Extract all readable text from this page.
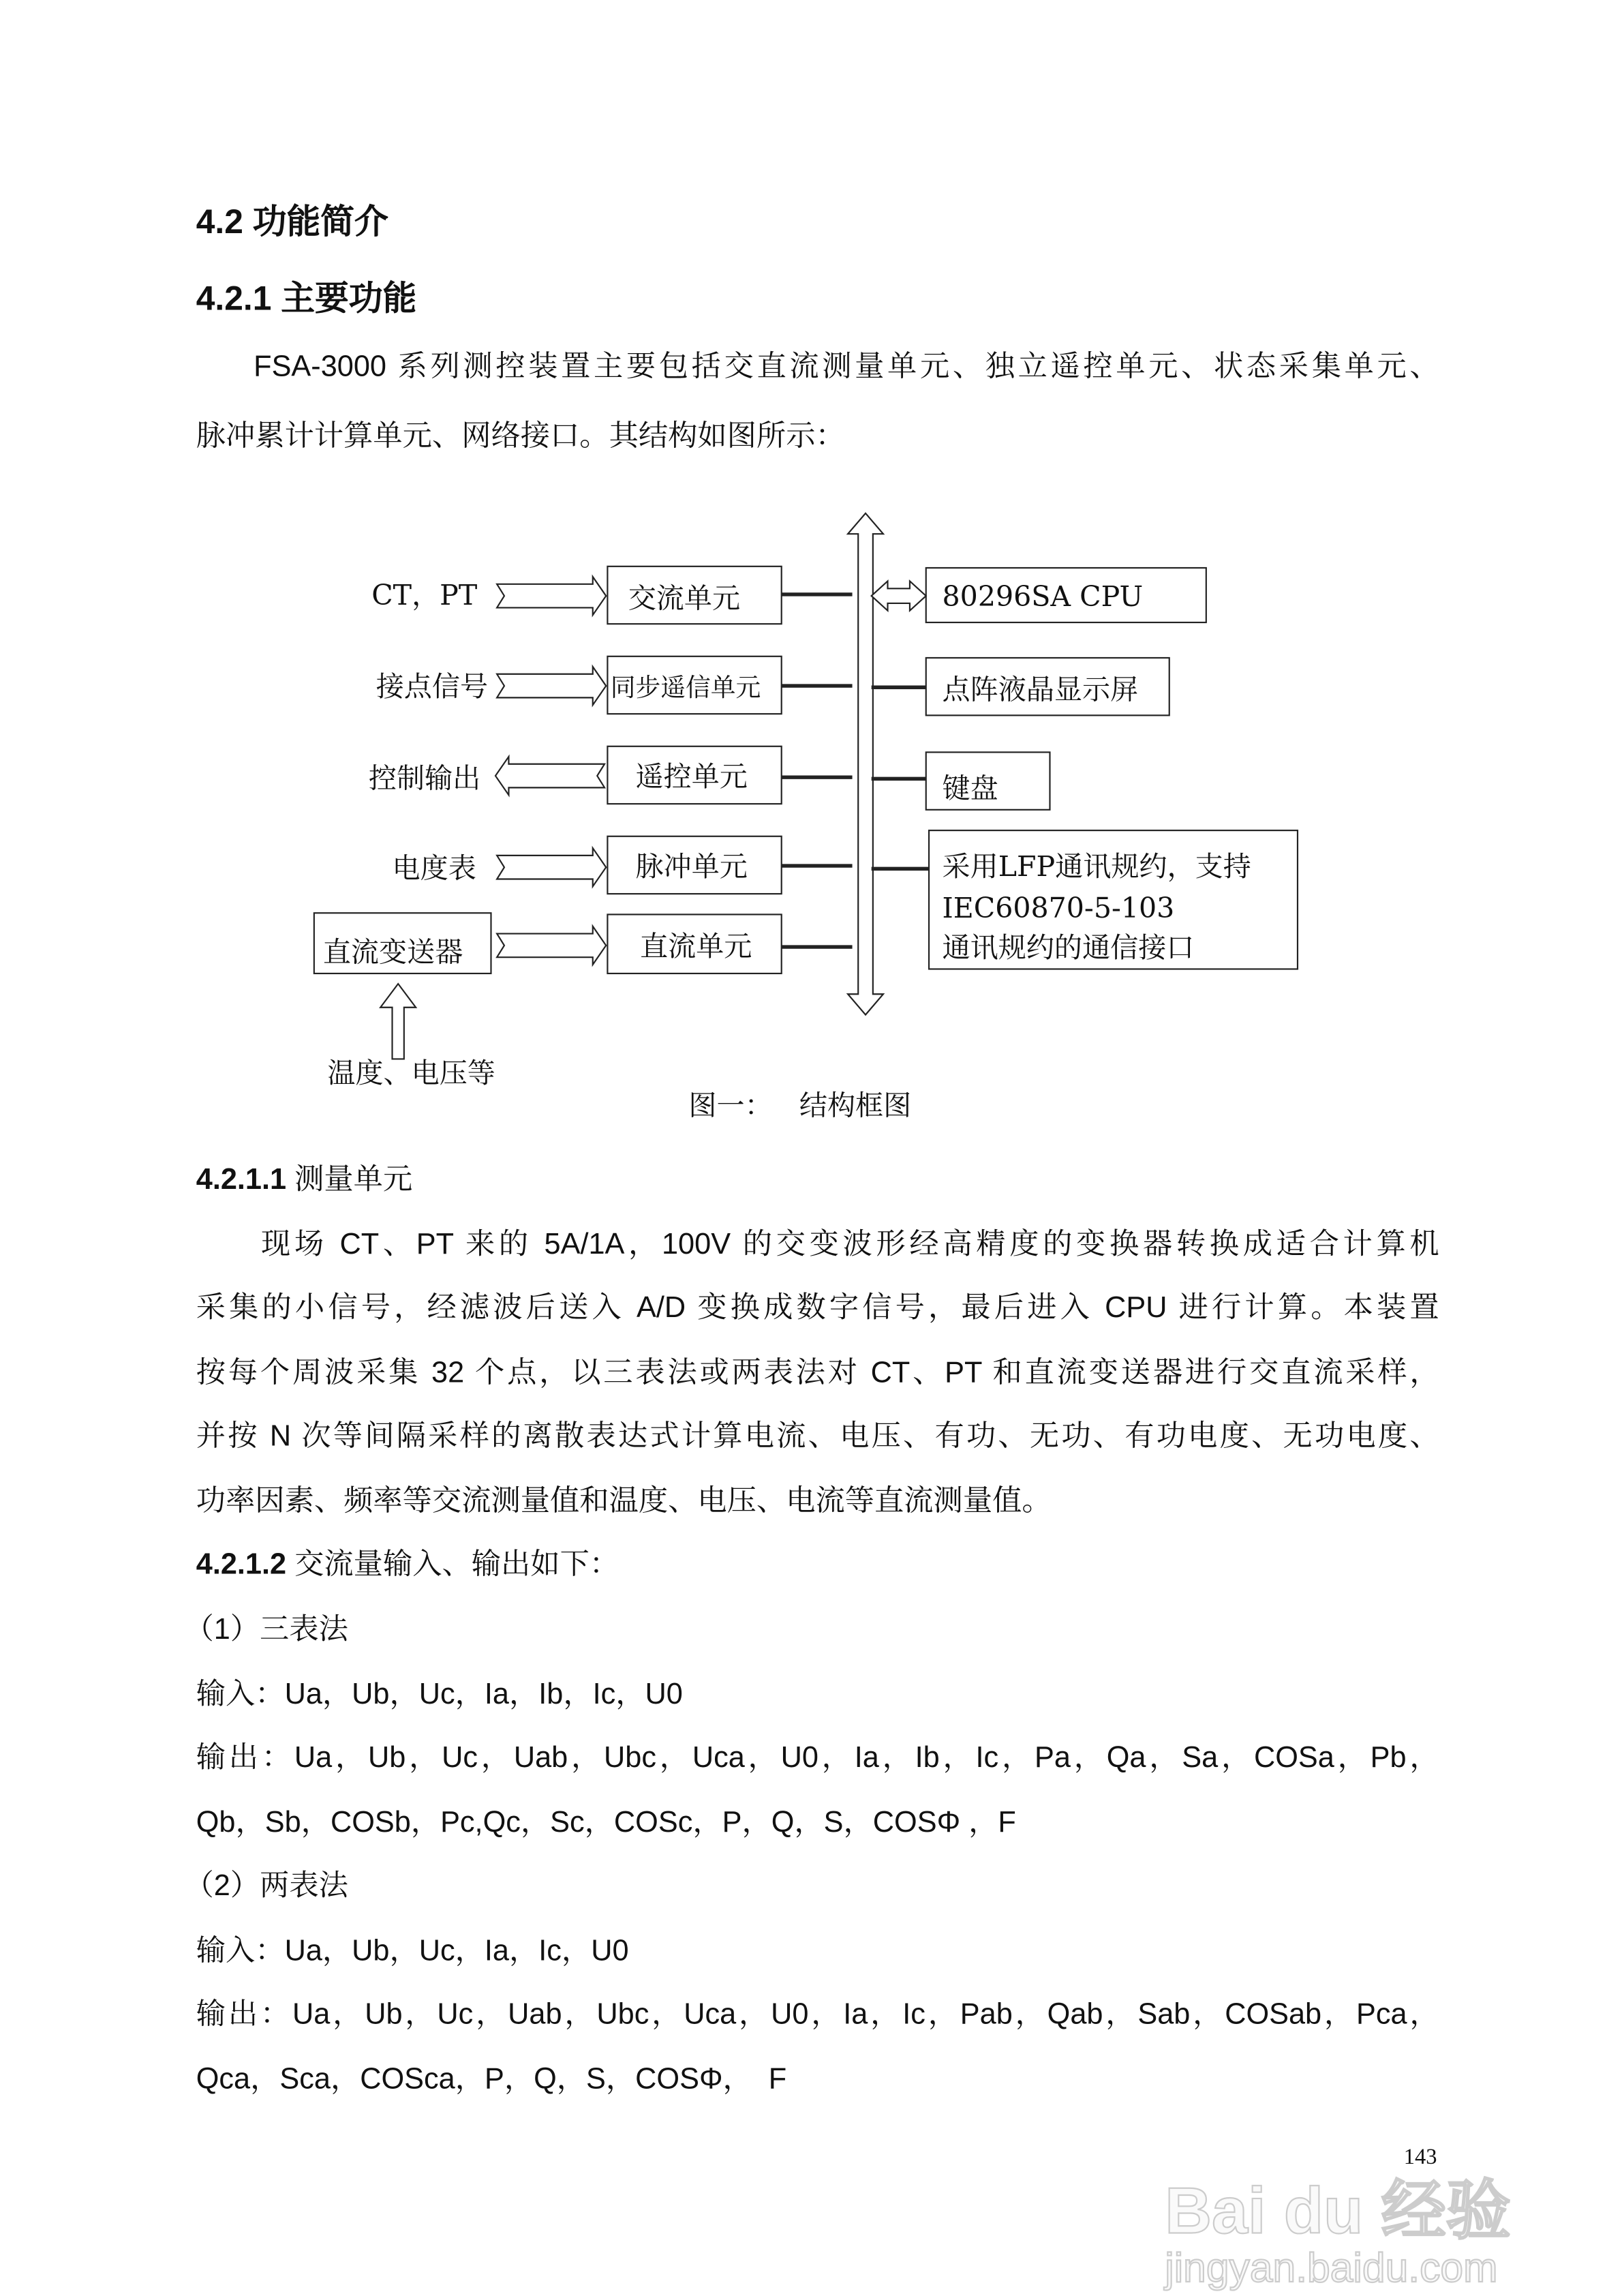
4.2 功能简介
4.2.1 主要功能
FSA-3000 系列测控装置主要包括交直流测量单元、独立遥控单元、状态采集单元、
脉冲累计计算单元、网络接口。其结构如图所示：
CT，PT
接点信号
控制输出
电度表
交流单元
同步遥信单元
遥控单元
脉冲单元
直流单元
直流变送器
温度、电压等
80296SA CPU
点阵液晶显示屏
键盘
采用LFP通讯规约，支持
IEC60870-5-103
通讯规约的通信接口
图一：   结构框图
4.2.1.1 测量单元
现场 CT、PT 来的 5A/1A，100V 的交变波形经高精度的变换器转换成适合计算机
采集的小信号，经滤波后送入 A/D 变换成数字信号，最后进入 CPU 进行计算。本装置
按每个周波采集 32 个点，以三表法或两表法对 CT、PT 和直流变送器进行交直流采样，
并按 N 次等间隔采样的离散表达式计算电流、电压、有功、无功、有功电度、无功电度、
功率因素、频率等交流测量值和温度、电压、电流等直流测量值。
4.2.1.2 交流量输入、输出如下：
（1）三表法
输入：Ua，Ub，Uc，Ia，Ib，Ic，U0
输出：Ua，Ub，Uc，Uab，Ubc，Uca，U0，Ia，Ib，Ic，Pa，Qa，Sa，COSa，Pb，
Qb，Sb，COSb，Pc,Qc，Sc，COSc，P，Q，S，COSΦ ，F
（2）两表法
输入：Ua，Ub，Uc，Ia，Ic，U0
输出：Ua，Ub，Uc，Uab，Ubc，Uca，U0，Ia，Ic，Pab，Qab，Sab，COSab，Pca，
Qca，Sca，COSca，P，Q，S，COSΦ，  F
143
Bai du 经验
jingyan.baidu.com
